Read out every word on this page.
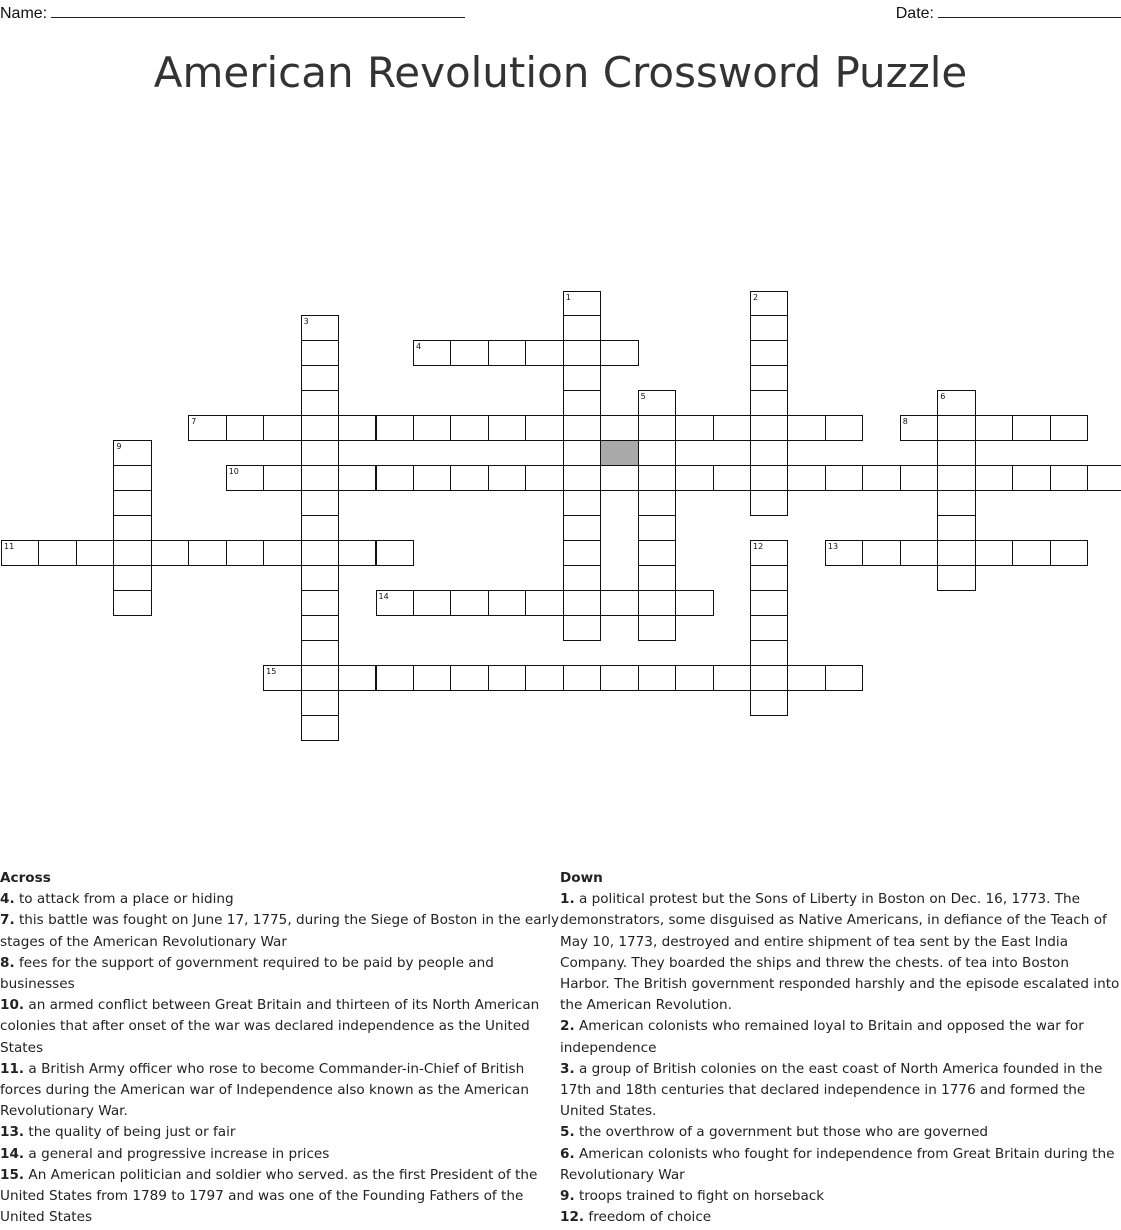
Name:	Date:
American Revolution Crossword Puzzle
1	2
3
4
5	6
7	8
9
10
11	12	13
14
15
Across

4. to attack from a place or hiding

7. this battle was fought on June 17, 1775, during the Siege of Boston in the early stages of the American Revolutionary War

8. fees for the support of government required to be paid by people and businesses

10. an armed conflict between Great Britain and thirteen of its North American colonies that after onset of the war was declared independence as the United States

11. a British Army officer who rose to become Commander-in-Chief of British forces during the American war of Independence also known as the American Revolutionary War.

13. the quality of being just or fair

14. a general and progressive increase in prices

15. An American politician and soldier who served. as the first President of the United States from 1789 to 1797 and was one of the Founding Fathers of the United States

Down

1. a political protest but the Sons of Liberty in Boston on Dec. 16, 1773. The demonstrators, some disguised as Native Americans, in defiance of the Teach of May 10, 1773, destroyed and entire shipment of tea sent by the East India Company. They boarded the ships and threw the chests. of tea into Boston Harbor. The British government responded harshly and the episode escalated into the American Revolution.

2. American colonists who remained loyal to Britain and opposed the war for independence

3. a group of British colonies on the east coast of North America founded in the 17th and 18th centuries that declared independence in 1776 and formed the United States.

5. the overthrow of a government but those who are governed

6. American colonists who fought for independence from Great Britain during the Revolutionary War

9. troops trained to fight on horseback

12. freedom of choice
